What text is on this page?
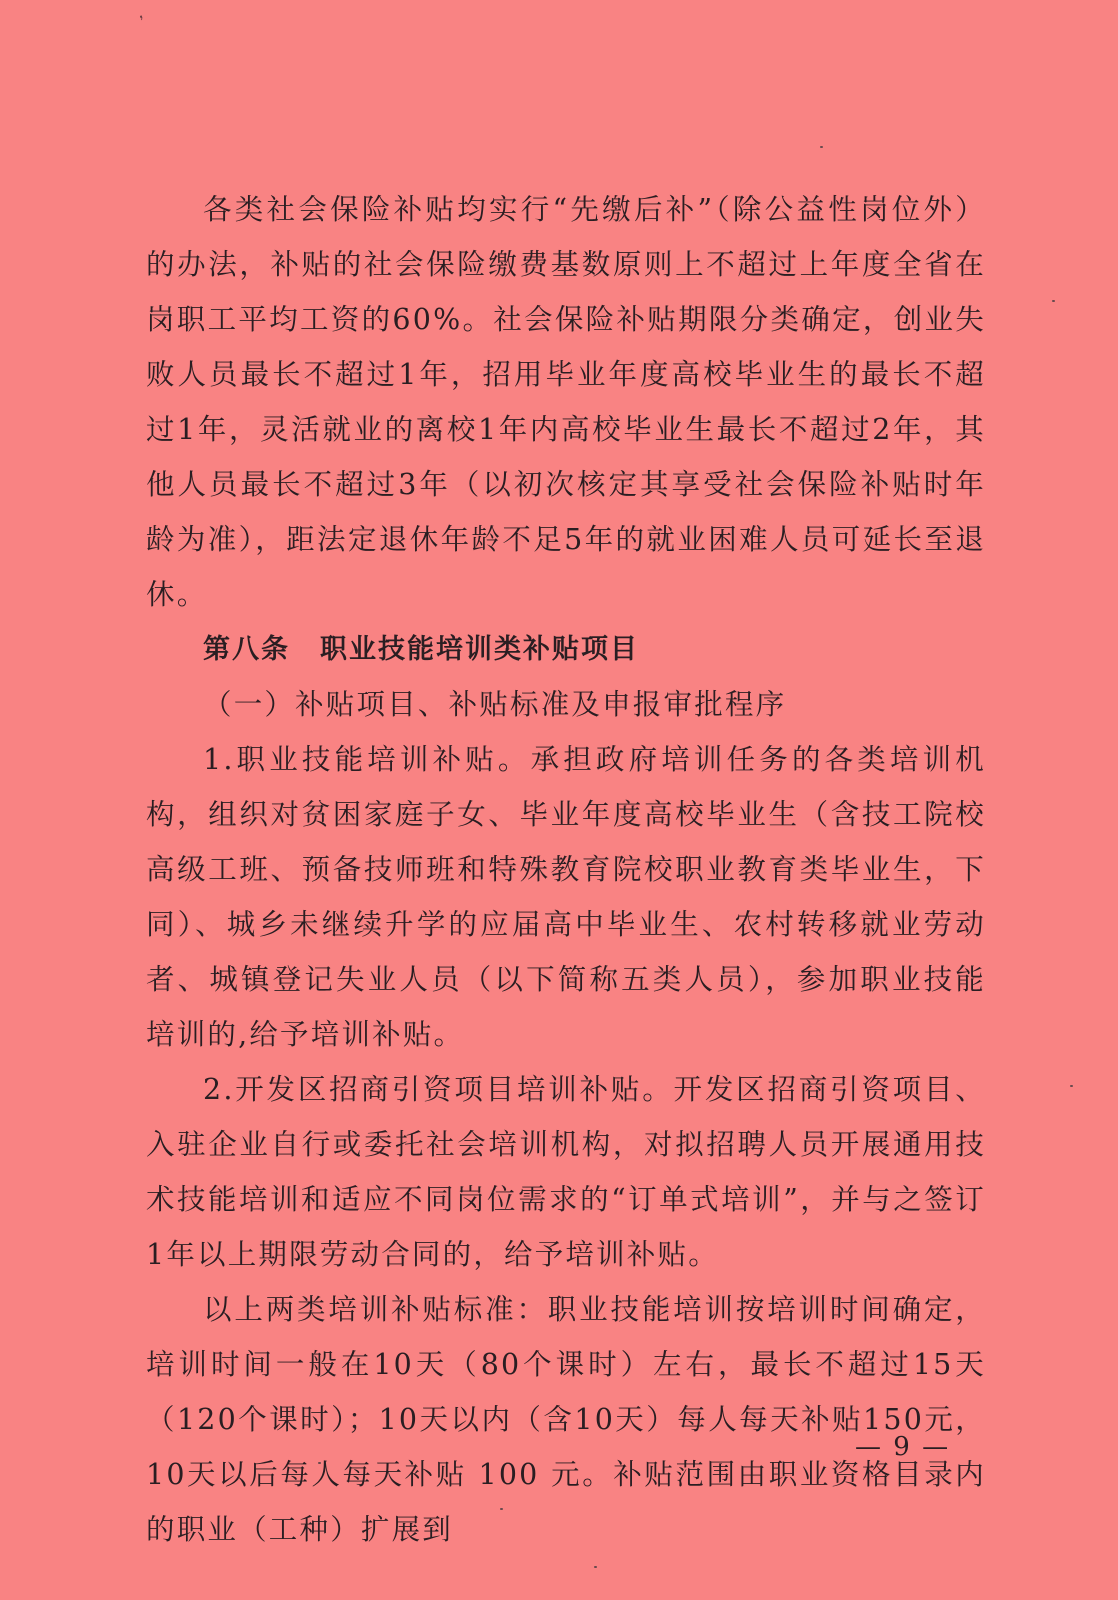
ꓹ

各类社会保险补贴均实行“先缴后补”（除公益性岗位外）的办法，补贴的社会保险缴费基数原则上不超过上年度全省在岗职工平均工资的60%。社会保险补贴期限分类确定，创业失败人员最长不超过1年，招用毕业年度高校毕业生的最长不超过1年，灵活就业的离校1年内高校毕业生最长不超过2年，其他人员最长不超过3年（以初次核定其享受社会保险补贴时年龄为准），距法定退休年龄不足5年的就业困难人员可延长至退休。

第八条 职业技能培训类补贴项目

（一）补贴项目、补贴标准及申报审批程序

1.职业技能培训补贴。承担政府培训任务的各类培训机构，组织对贫困家庭子女、毕业年度高校毕业生（含技工院校高级工班、预备技师班和特殊教育院校职业教育类毕业生，下同）、城乡未继续升学的应届高中毕业生、农村转移就业劳动者、城镇登记失业人员（以下简称五类人员），参加职业技能培训的,给予培训补贴。

2.开发区招商引资项目培训补贴。开发区招商引资项目、入驻企业自行或委托社会培训机构，对拟招聘人员开展通用技术技能培训和适应不同岗位需求的“订单式培训”，并与之签订1年以上期限劳动合同的，给予培训补贴。

以上两类培训补贴标准：职业技能培训按培训时间确定，培训时间一般在10天（80个课时）左右，最长不超过15天（120个课时）；10天以内（含10天）每人每天补贴150元，10天以后每人每天补贴 100 元。补贴范围由职业资格目录内的职业（工种）扩展到

— 9 —
